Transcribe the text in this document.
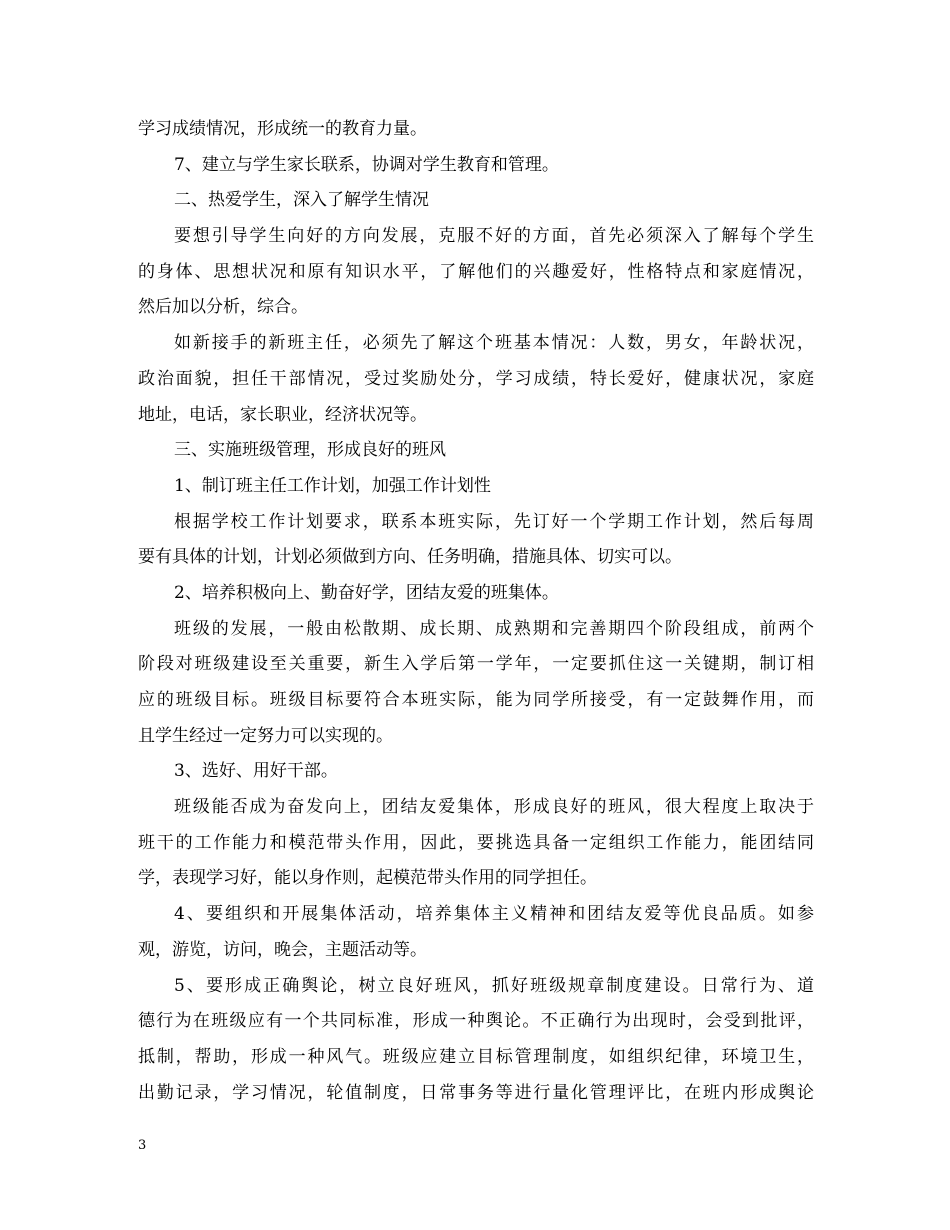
学习成绩情况，形成统一的教育力量。
7、建立与学生家长联系，协调对学生教育和管理。
二、热爱学生，深入了解学生情况
要想引导学生向好的方向发展，克服不好的方面，首先必须深入了解每个学生
的身体、思想状况和原有知识水平，了解他们的兴趣爱好，性格特点和家庭情况，
然后加以分析，综合。
如新接手的新班主任，必须先了解这个班基本情况：人数，男女，年龄状况，
政治面貌，担任干部情况，受过奖励处分，学习成绩，特长爱好，健康状况，家庭
地址，电话，家长职业，经济状况等。
三、实施班级管理，形成良好的班风
1、制订班主任工作计划，加强工作计划性
根据学校工作计划要求，联系本班实际，先订好一个学期工作计划，然后每周
要有具体的计划，计划必须做到方向、任务明确，措施具体、切实可以。
2、培养积极向上、勤奋好学，团结友爱的班集体。
班级的发展，一般由松散期、成长期、成熟期和完善期四个阶段组成，前两个
阶段对班级建设至关重要，新生入学后第一学年，一定要抓住这一关键期，制订相
应的班级目标。班级目标要符合本班实际，能为同学所接受，有一定鼓舞作用，而
且学生经过一定努力可以实现的。
3、选好、用好干部。
班级能否成为奋发向上，团结友爱集体，形成良好的班风，很大程度上取决于
班干的工作能力和模范带头作用，因此，要挑选具备一定组织工作能力，能团结同
学，表现学习好，能以身作则，起模范带头作用的同学担任。
4、要组织和开展集体活动，培养集体主义精神和团结友爱等优良品质。如参
观，游览，访问，晚会，主题活动等。
5、要形成正确舆论，树立良好班风，抓好班级规章制度建设。日常行为、道
德行为在班级应有一个共同标准，形成一种舆论。不正确行为出现时，会受到批评，
抵制，帮助，形成一种风气。班级应建立目标管理制度，如组织纪律，环境卫生，
出勤记录，学习情况，轮值制度，日常事务等进行量化管理评比，在班内形成舆论
3
